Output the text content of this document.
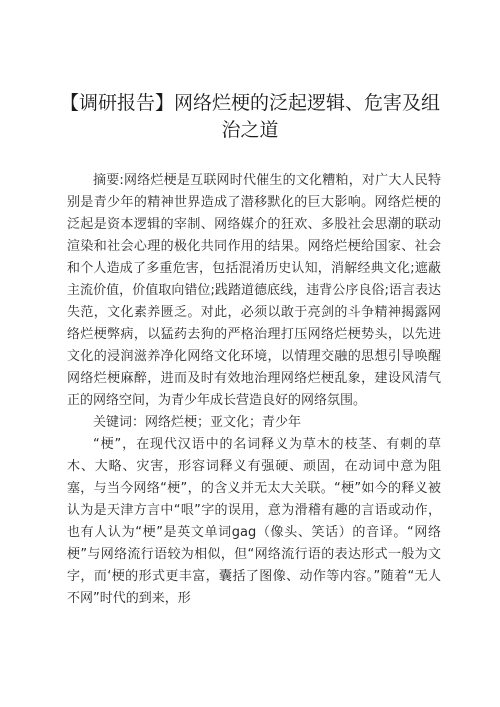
【调研报告】网络烂梗的泛起逻辑、危害及组治之道

摘要:网络烂梗是互联网时代催生的文化糟粕，对广大人民特别是青少年的精神世界造成了潜移默化的巨大影响。网络烂梗的泛起是资本逻辑的宰制、网络媒介的狂欢、多股社会思潮的联动渲染和社会心理的极化共同作用的结果。网络烂梗给国家、社会和个人造成了多重危害，包括混淆历史认知，消解经典文化;遮蔽主流价值，价值取向错位;践踏道德底线，违背公序良俗;语言表达失范，文化素养匮乏。对此，必须以敢于亮剑的斗争精神揭露网络烂梗弊病，以猛药去狗的严格治理打压网络烂梗势头，以先进文化的浸润滋养净化网络文化环境，以情理交融的思想引导唤醒网络烂梗麻醉，进而及时有效地治理网络烂梗乱象，建设风清气正的网络空间，为青少年成长营造良好的网络氛围。

关键词：网络烂梗；亚文化；青少年

“梗”，在现代汉语中的名词释义为草木的枝茎、有刺的草木、大略、灾害，形容词释义有强硬、顽固，在动词中意为阻塞，与当今网络“梗”，的含义并无太大关联。“梗”如今的释义被认为是天津方言中“哏”字的误用，意为滑稽有趣的言语或动作，也有人认为“梗”是英文单词gag（像头、笑话）的音译。“网络梗”与网络流行语较为相似，但“网络流行语的表达形式一般为文字，而‘梗的形式更丰富，囊括了图像、动作等内容。”随着“无人不网”时代的到来，形
